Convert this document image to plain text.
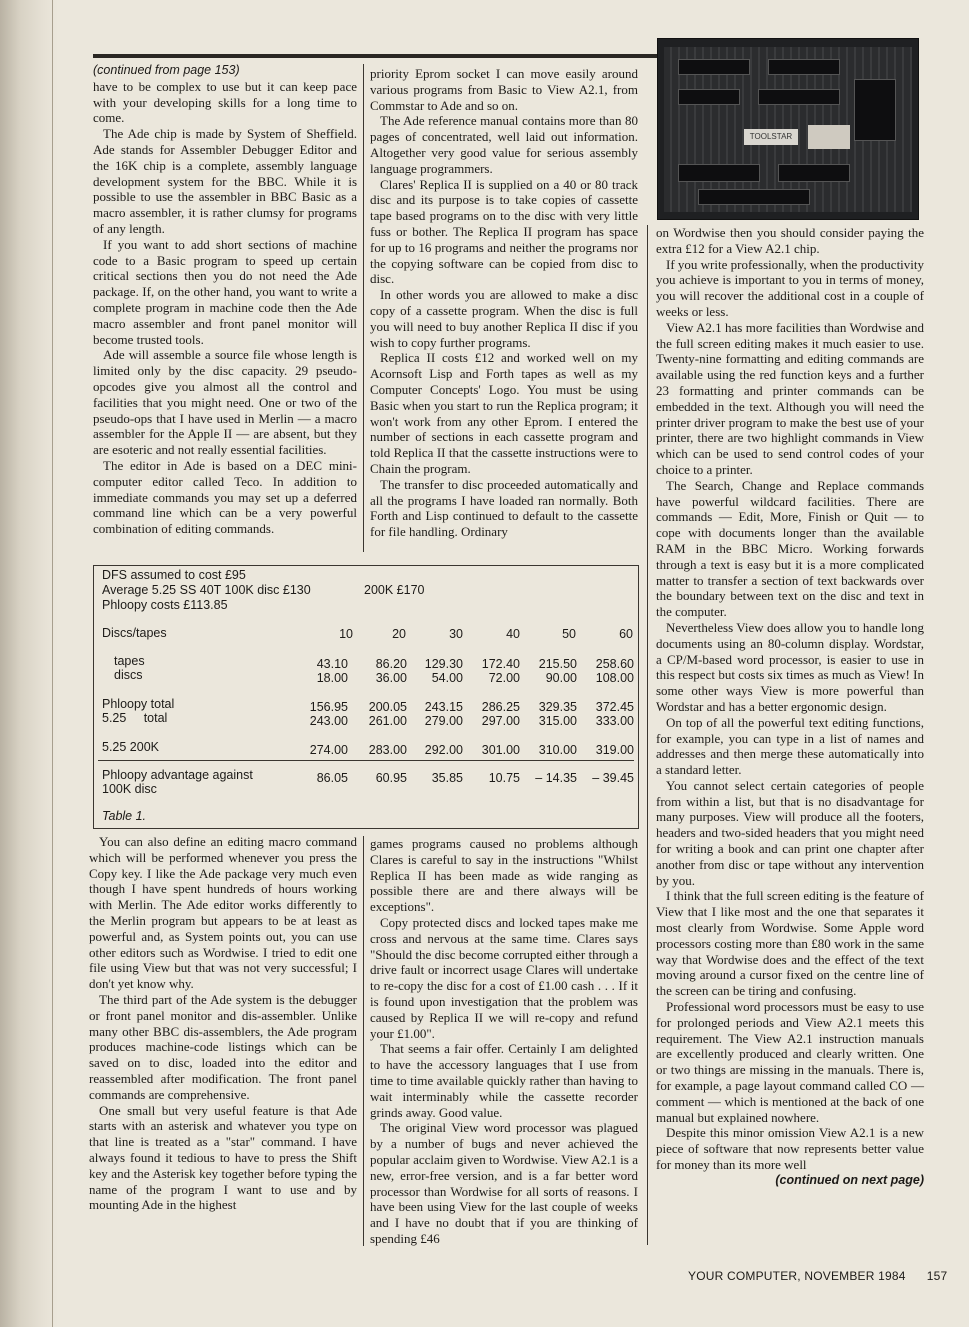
TOOLSTAR
(continued from page 153)

have to be complex to use but it can keep pace with your developing skills for a long time to come.

The Ade chip is made by System of Sheffield. Ade stands for Assembler Debugger Editor and the 16K chip is a complete, assembly language development system for the BBC. While it is possible to use the assembler in BBC Basic as a macro assembler, it is rather clumsy for programs of any length.

If you want to add short sections of machine code to a Basic program to speed up certain critical sections then you do not need the Ade package. If, on the other hand, you want to write a complete program in machine code then the Ade macro assembler and front panel monitor will become trusted tools.

Ade will assemble a source file whose length is limited only by the disc capacity. 29 pseudo-opcodes give you almost all the control and facilities that you might need. One or two of the pseudo-ops that I have used in Merlin — a macro assembler for the Apple II — are absent, but they are esoteric and not really essential facilities.

The editor in Ade is based on a DEC mini-computer editor called Teco. In addition to immediate commands you may set up a deferred command line which can be a very powerful combination of editing commands.

priority Eprom socket I can move easily around various programs from Basic to View A2.1, from Commstar to Ade and so on.

The Ade reference manual contains more than 80 pages of concentrated, well laid out information. Altogether very good value for serious assembly language programmers.

Clares' Replica II is supplied on a 40 or 80 track disc and its purpose is to take copies of cassette tape based programs on to the disc with very little fuss or bother. The Replica II program has space for up to 16 programs and neither the programs nor the copying software can be copied from disc to disc.

In other words you are allowed to make a disc copy of a cassette program. When the disc is full you will need to buy another Replica II disc if you wish to copy further programs.

Replica II costs £12 and worked well on my Acornsoft Lisp and Forth tapes as well as my Computer Concepts' Logo. You must be using Basic when you start to run the Replica program; it won't work from any other Eprom. I entered the number of sections in each cassette program and told Replica II that the cassette instructions were to Chain the program.

The transfer to disc proceeded automatically and all the programs I have loaded ran normally. Both Forth and Lisp continued to default to the cassette for file handling. Ordinary

on Wordwise then you should consider paying the extra £12 for a View A2.1 chip.

If you write professionally, when the productivity you achieve is important to you in terms of money, you will recover the additional cost in a couple of weeks or less.

View A2.1 has more facilities than Wordwise and the full screen editing makes it much easier to use. Twenty-nine formatting and editing commands are available using the red function keys and a further 23 formatting and printer commands can be embedded in the text. Although you will need the printer driver program to make the best use of your printer, there are two highlight commands in View which can be used to send control codes of your choice to a printer.

The Search, Change and Replace commands have powerful wildcard facilities. There are commands — Edit, More, Finish or Quit — to cope with documents longer than the available RAM in the BBC Micro. Working forwards through a text is easy but it is a more complicated matter to transfer a section of text backwards over the boundary between text on the disc and text in the computer.

Nevertheless View does allow you to handle long documents using an 80-column display. Wordstar, a CP/M-based word processor, is easier to use in this respect but costs six times as much as View! In some other ways View is more powerful than Wordstar and has a better ergonomic design.

On top of all the powerful text editing functions, for example, you can type in a list of names and addresses and then merge these automatically into a standard letter.

You cannot select certain categories of people from within a list, but that is no disadvantage for many purposes. View will produce all the footers, headers and two-sided headers that you might need for writing a book and can print one chapter after another from disc or tape without any intervention by you.

I think that the full screen editing is the feature of View that I like most and the one that separates it most clearly from Wordwise. Some Apple word processors costing more than £80 work in the same way that Wordwise does and the effect of the text moving around a cursor fixed on the centre line of the screen can be tiring and confusing.

Professional word processors must be easy to use for prolonged periods and View A2.1 meets this requirement. The View A2.1 instruction manuals are excellently produced and clearly written. One or two things are missing in the manuals. There is, for example, a page layout command called CO — comment — which is mentioned at the back of one manual but explained nowhere.

Despite this minor omission View A2.1 is a new piece of software that now represents better value for money than its more well

(continued on next page)
DFS assumed to cost £95
Average 5.25 SS 40T 100K disc £130	200K £170
Phloopy costs £113.85
Discs/tapes	10	20	30	40	50	60
tapes	43.10 86.20 129.30 172.40 215.50 258.60
discs	18.00 36.00 54.00 72.00 90.00 108.00
Phloopy total	156.95 200.05 243.15 286.25 329.35 372.45
5.25     total	243.00 261.00 279.00 297.00 315.00 333.00
5.25 200K	274.00 283.00 292.00 301.00 310.00 319.00
Phloopy advantage against
100K disc
86.05 60.95 35.85 10.75 – 14.35 – 39.45
Table 1.

You can also define an editing macro command which will be performed whenever you press the Copy key. I like the Ade package very much even though I have spent hundreds of hours working with Merlin. The Ade editor works differently to the Merlin program but appears to be at least as powerful and, as System points out, you can use other editors such as Wordwise. I tried to edit one file using View but that was not very successful; I don't yet know why.

The third part of the Ade system is the debugger or front panel monitor and dis-assembler. Unlike many other BBC dis-assemblers, the Ade program produces machine-code listings which can be saved on to disc, loaded into the editor and reassembled after modification. The front panel commands are comprehensive.

One small but very useful feature is that Ade starts with an asterisk and whatever you type on that line is treated as a "star" command. I have always found it tedious to have to press the Shift key and the Asterisk key together before typing the name of the program I want to use and by mounting Ade in the highest

games programs caused no problems although Clares is careful to say in the instructions "Whilst Replica II has been made as wide ranging as possible there are and there always will be exceptions".

Copy protected discs and locked tapes make me cross and nervous at the same time. Clares says "Should the disc become corrupted either through a drive fault or incorrect usage Clares will undertake to re-copy the disc for a cost of £1.00 cash . . . If it is found upon investigation that the problem was caused by Replica II we will re-copy and refund your £1.00".

That seems a fair offer. Certainly I am delighted to have the accessory languages that I use from time to time available quickly rather than having to wait interminably while the cassette recorder grinds away. Good value.

The original View word processor was plagued by a number of bugs and never achieved the popular acclaim given to Wordwise. View A2.1 is a new, error-free version, and is a far better word processor than Wordwise for all sorts of reasons. I have been using View for the last couple of weeks and I have no doubt that if you are thinking of spending £46

YOUR COMPUTER, NOVEMBER 1984 157
